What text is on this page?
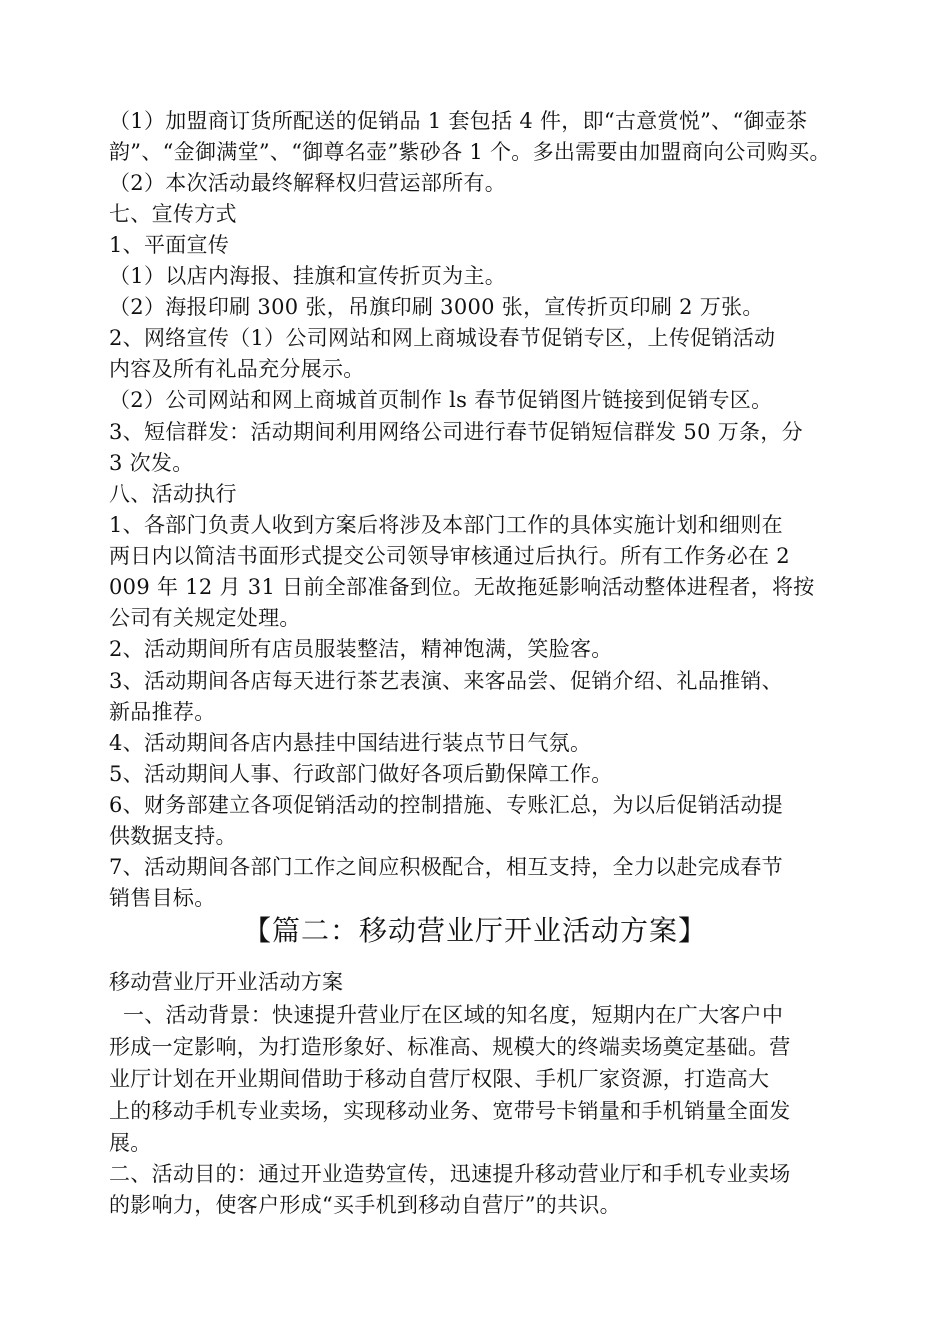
（1）加盟商订货所配送的促销品 1 套包括 4 件，即“古意赏悦”、“御壶茶
韵”、“金御满堂”、“御尊名壶”紫砂各 1 个。多出需要由加盟商向公司购买。
（2）本次活动最终解释权归营运部所有。
七、宣传方式
1、平面宣传
（1）以店内海报、挂旗和宣传折页为主。
（2）海报印刷 300 张，吊旗印刷 3000 张，宣传折页印刷 2 万张。
2、网络宣传（1）公司网站和网上商城设春节促销专区，上传促销活动
内容及所有礼品充分展示。
（2）公司网站和网上商城首页制作 ls 春节促销图片链接到促销专区。
3、短信群发：活动期间利用网络公司进行春节促销短信群发 50 万条，分
3 次发。
八、活动执行
1、各部门负责人收到方案后将涉及本部门工作的具体实施计划和细则在
两日内以简洁书面形式提交公司领导审核通过后执行。所有工作务必在 2
009 年 12 月 31 日前全部准备到位。无故拖延影响活动整体进程者，将按
公司有关规定处理。
2、活动期间所有店员服装整洁，精神饱满，笑脸客。
3、活动期间各店每天进行茶艺表演、来客品尝、促销介绍、礼品推销、
新品推荐。
4、活动期间各店内悬挂中国结进行装点节日气氛。
5、活动期间人事、行政部门做好各项后勤保障工作。
6、财务部建立各项促销活动的控制措施、专账汇总，为以后促销活动提
供数据支持。
7、活动期间各部门工作之间应积极配合，相互支持，全力以赴完成春节
销售目标。
【篇二：移动营业厅开业活动方案】
移动营业厅开业活动方案
一、活动背景：快速提升营业厅在区域的知名度，短期内在广大客户中
形成一定影响，为打造形象好、标准高、规模大的终端卖场奠定基础。营
业厅计划在开业期间借助于移动自营厅权限、手机厂家资源，打造高大
上的移动手机专业卖场，实现移动业务、宽带号卡销量和手机销量全面发
展。
二、活动目的：通过开业造势宣传，迅速提升移动营业厅和手机专业卖场
的影响力，使客户形成“买手机到移动自营厅”的共识。
